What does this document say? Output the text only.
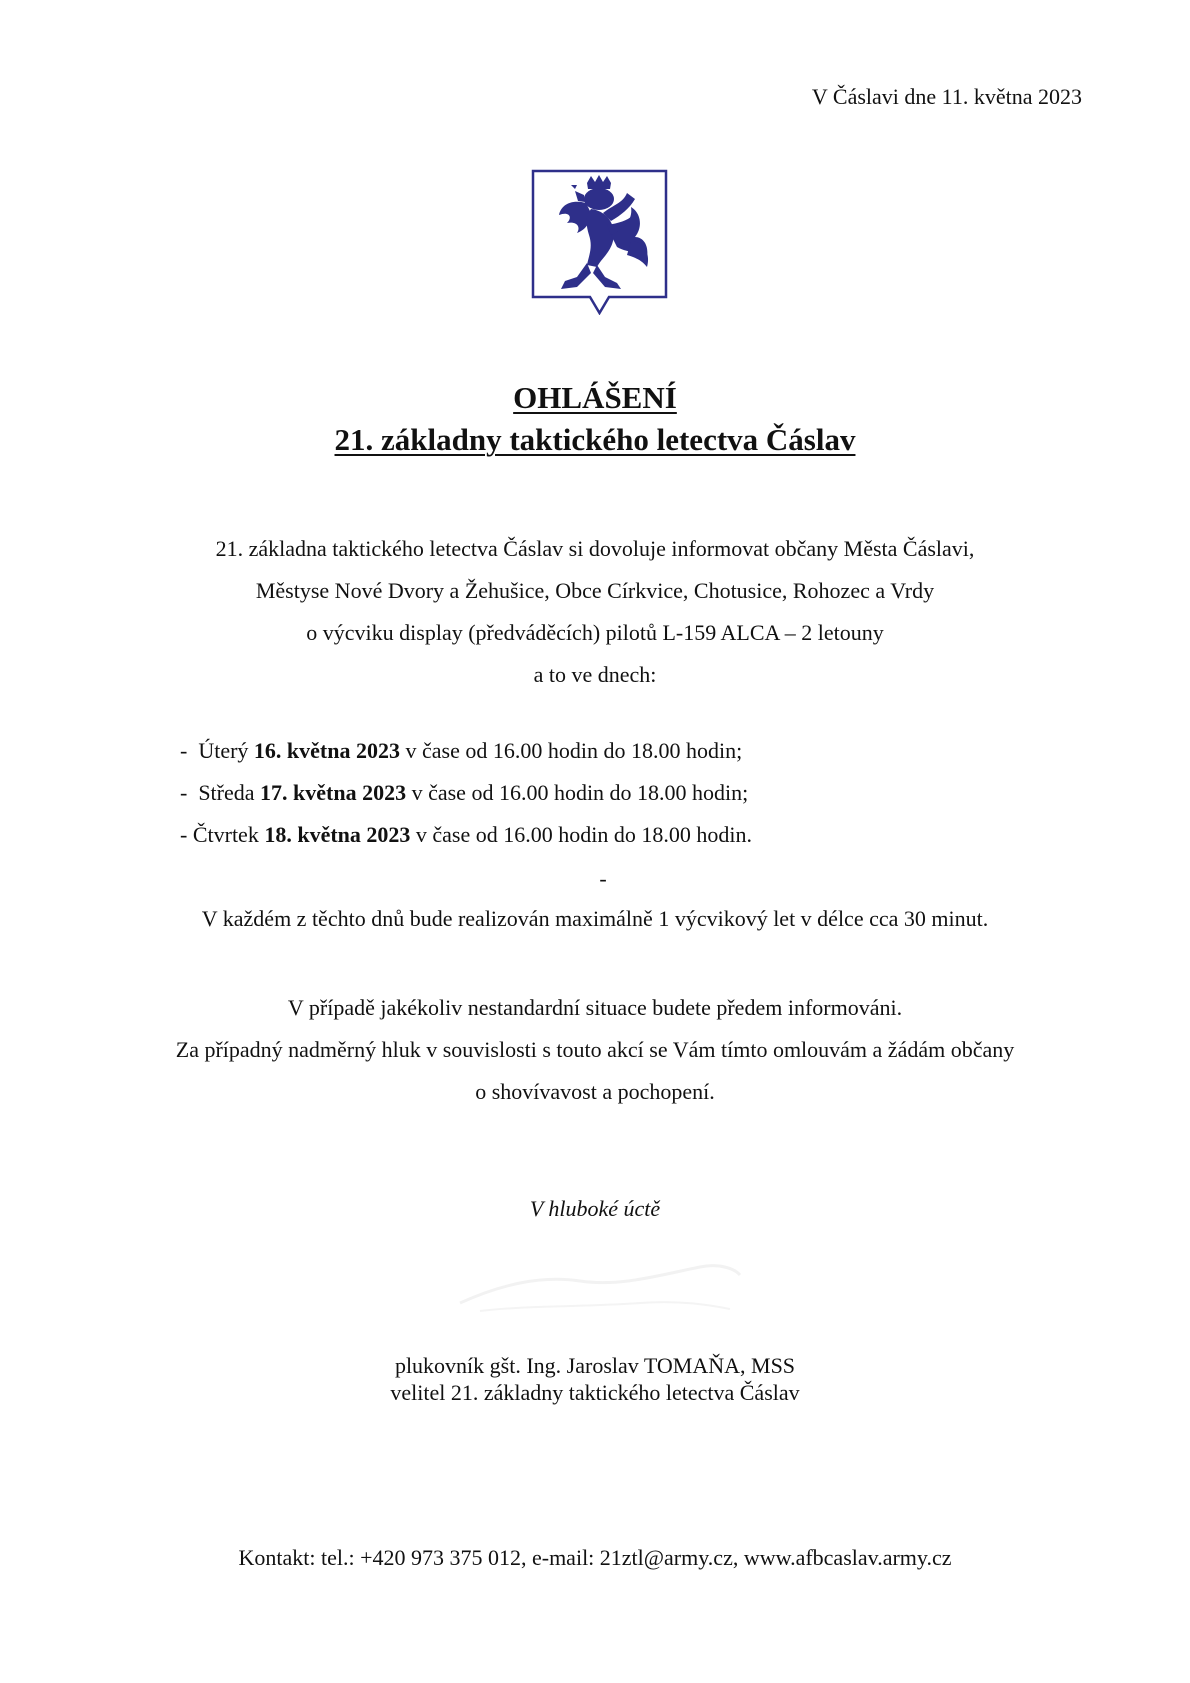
V Čáslavi dne 11. května 2023
OHLÁŠENÍ
21. základny taktického letectva Čáslav
21. základna taktického letectva Čáslav si dovoluje informovat občany Města Čáslavi,
Městyse Nové Dvory a Žehušice, Obce Církvice, Chotusice, Rohozec a Vrdy
o výcviku display (předváděcích) pilotů L-159 ALCA – 2 letouny
a to ve dnech:
-  Úterý 16. května 2023 v čase od 16.00 hodin do 18.00 hodin;
-  Středa 17. května 2023 v čase od 16.00 hodin do 18.00 hodin;
- Čtvrtek 18. května 2023 v čase od 16.00 hodin do 18.00 hodin.
-
V každém z těchto dnů bude realizován maximálně 1 výcvikový let v délce cca 30 minut.
V případě jakékoliv nestandardní situace budete předem informováni.
Za případný nadměrný hluk v souvislosti s touto akcí se Vám tímto omlouvám a žádám občany
o shovívavost a pochopení.
V hluboké úctě
plukovník gšt. Ing. Jaroslav TOMAŇA, MSS
velitel 21. základny taktického letectva Čáslav
Kontakt: tel.: +420 973 375 012, e-mail: 21ztl@army.cz, www.afbcaslav.army.cz
